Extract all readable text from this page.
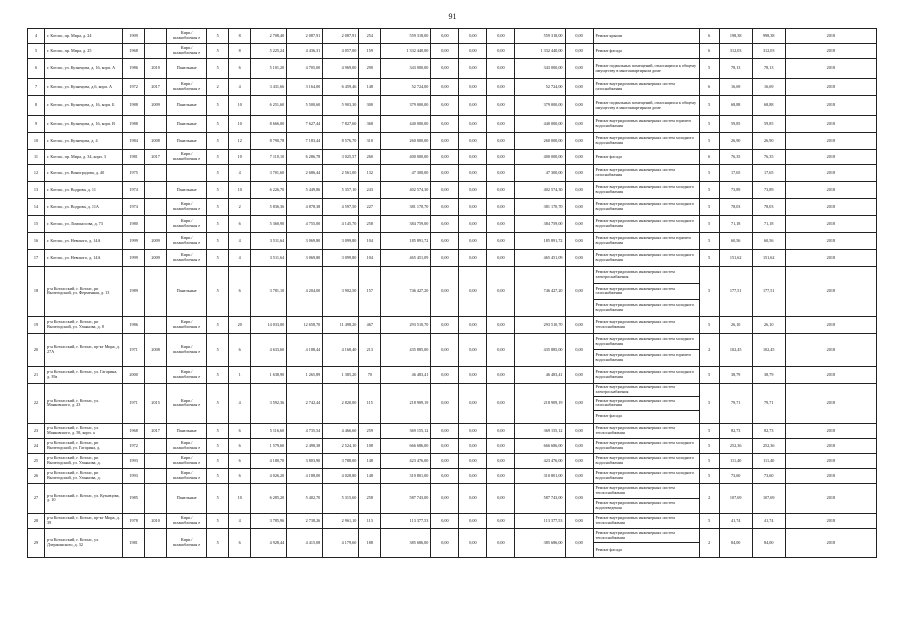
91
4	г. Котлас, пр. Мира, д. 24	1909		Кирп./ шлакоблочны е	5	8	2 708,40	2 087,91	2 087,91	254	559 318,00	0,00	0,00	0,00	559 318,00	0,00	Ремонт крыши	6	198,38	998,38	2018
5	г. Котлас, пр. Мира, д. 25	1968		Кирп./ шлакоблочны е	5	8	5 225,24	4 436,31	4 057,00	159	1 332 440,00	0,00	0,00	0,00	1 332 440,00	0,00	Ремонт фасада	6	312,03	312,03	2018
6	г. Котлас, ул. Кузнецова, д. 16, корп. А	1986	2010	Панельные	5	6	5 101,20	4 705,00	4 969,00	290	343 000,00	0,00	0,00	0,00	343 000,00	0,00	Ремонт подвальных помещений, относящихся к общему имуществу в многоквартирном доме	5	78,13	78,13	2018
7	г. Котлас, ул. Кузнецова, д.6, корп. А	1972	2017	Кирп./ шлакоблочны е	2	4	3 431,66	3 164,00	6 459,46	148	52 724,00	0,00	0,00	0,00	52 724,00	0,00	Ремонт внутридомовых инженерных систем газоснабжения	6	16,69	16,69	2018
8	г. Котлас, ул. Кузнецова, д. 16, корп. Б	1988	2009	Панельные	5	10	6 251,60	5 500,60	5 903,30	300	379 000,00	0,00	0,00	0,00	379 000,00	0,00	Ремонт подвальных помещений, относящихся к общему имуществу в многоквартирном доме	5	68,88	68,88	2018
9	г. Котлас, ул. Кузнецова, д. 16, корп. В	1988		Панельные	5	10	8 666,00	7 627,44	7 827,60	368	440 000,00	0,00	0,00	0,00	440 000,00	0,00	Ремонт внутридомовых инженерных систем горячего водоснабжения	5	59,85	59,85	2018
10	г. Котлас, ул. Кузнецова, д. 4	1984	2008	Панельные	5	12	8 790,78	7 183,44	8 576,70	310	260 000,00	0,00	0,00	0,00	260 000,00	0,00	Ремонт внутридомовых инженерных систем холодного водоснабжения	5	26,90	26,90	2018
11	г. Котлас, пр. Мира, д. 34, корп. 3	1981	2017	Кирп./ шлакоблочны е	5	10	7 110,10	6 286,78	3 025,57	260	400 000,00	0,00	0,00	0,00	400 000,00	0,00	Ремонт фасада	6	76,35	76,35	2018
12	г. Котлас, ул. Виноградова, д. 40	1975			5	4	3 701,60	2 686,44	2 561,00	132	47 300,00	0,00	0,00	0,00	47 300,00	0,00	Ремонт внутридомовых инженерных систем газоснабжения	5	17,65	17,65	2018
13	г. Котлас, ул. Водрова, д. 11	1974		Панельные	5	10	6 226,70	5 449,86	5 357,10	243	402 574,30	0,00	0,00	0,00	402 574,30	0,00	Ремонт внутридомовых инженерных систем холодного водоснабжения	5	73,89	73,89	2018
14	г. Котлас, ул. Водрова, д. 11А	1974		Кирп./ шлакоблочны е	5	2	5 836,36	4 878,38	4 597,50	227	381 170,70	0,00	0,00	0,00	381 170,70	0,00	Ремонт внутридомовых инженерных систем холодного водоснабжения	5	78,03	78,03	2018
15	г. Котлас, ул. Ломоносова, д. 73	1980		Кирп./ шлакоблочны е	5	6	5 360,90	4 755,00	4 145,70	258	384 759,00	0,00	0,00	0,00	384 759,00	0,00	Ремонт внутридомовых инженерных систем холодного водоснабжения	5	71,18	71,18	2018
16	г. Котлас, ул. Невского, д. 14А	1999	2009	Кирп./ шлакоблочны е	5	4	3 511,64	3 069,80	3 099,80	104	185 891,72	0,00	0,00	0,00	185 891,72	0,00	Ремонт внутридомовых инженерных систем горячего водоснабжения	5	60,56	60,56	2018
17	г. Котлас, ул. Невского, д. 14А	1999	2009	Кирп./ шлакоблочны е	5	4	3 511,64	3 069,80	3 099,80	104	465 451,09	0,00	0,00	0,00	465 451,09	0,00	Ремонт внутридомовых инженерных систем холодного водоснабжения	5	151,62	151,62	2018
18	р-н Котласский, г. Котлас, рп Вычегодский, ул. Ферменная, д. 13	1989		Панельные	5	6	3 781,10	4 204,00	3 902,50	157	746 427,20	0,00	0,00	0,00	746 427,20	0,00	Ремонт внутридомовых инженерных систем электроснабжения	5	177,51	177,51	2018
																	Ремонт внутридомовых инженерных систем газоснабжения				
																	Ремонт внутридомовых инженерных систем холодного водоснабжения				
19	р-н Котласский, г. Котлас, рп Вычегодский, ул. Ульянова, д. 8	1986		Кирп./ шлакоблочны е	5	20	14 033,00	12 658,70	11 498,20	467	293 510,70	0,00	0,00	0,00	293 510,70	0,00	Ремонт внутридомовых инженерных систем теплоснабжения	5	26,10	26,10	2018
20	р-н Котласский, г. Котлас, пр-кт Мира, д. 27А	1971	2008	Кирп./ шлакоблочны е	5	6	4 633,60	4 188,44	4 168,40	213	435 885,00	0,00	0,00	0,00	435 885,00	0,00	Ремонт внутридомовых инженерных систем холодного водоснабжения	2	102,45	102,45	2018
																	Ремонт внутридомовых инженерных систем горячего водоснабжения				
21	р-н Котласский, г. Котлас, ул. Гагарина, д. 39а	2000		Кирп./ шлакоблочны е	5	1	1 638,90	1 265,89	1 385,20	70	46 483,41	0,00	0,00	0,00	46 483,41	0,00	Ремонт внутридомовых инженерных систем холодного водоснабжения	5	38,79	38,79	2018
22	р-н Котласский, г. Котлас, ул. Маяковского, д. 23	1971	2015	Кирп./ шлакоблочны е	5	4	3 592,36	2 742,44	2 820,00	115	218 909,19	0,00	0,00	0,00	218 909,19	0,00	Ремонт внутридомовых инженерных систем электроснабжения	5	79,71	79,71	2018
																	Ремонт внутридомовых инженерных систем газоснабжения				
																	Ремонт фасада				
23	р-н Котласский, г. Котлас, ул. Маяковского, д. 58, корп. а	1968	2017	Панельные	5	6	5 116,60	4 735,54	4 466,60	259	369 155,12	0,00	0,00	0,00	369 155,12	0,00	Ремонт внутридомовых инженерных систем теплоснабжения	5	82,73	82,73	2018
24	р-н Котласский, г. Котлас, рп Вычегодский, ул. Гагарина, д.	1972		Кирп./ шлакоблочны е	5	6	1 579,60	2 498,38	2 524,10	108	666 686,00	0,00	0,00	0,00	666 686,00	0,00	Ремонт внутридомовых инженерных систем холодного водоснабжения	5	252,36	252,36	2018
25	р-н Котласский, г. Котлас, рп Вычегодский, ул. Ульянова, д.	1993		Кирп./ шлакоблочны е	5	6	4 180,70	3 803,90	3 788,00	148	423 476,00	0,00	0,00	0,00	423 476,00	0,00	Ремонт внутридомовых инженерных систем холодного водоснабжения	5	111,40	111,40	2018
26	р-н Котласский, г. Котлас, рп Вычегодский, ул. Ульянова, д.	1993		Кирп./ шлакоблочны е	5	6	4 026,20	4 188,00	4 028,80	148	310 801,00	0,00	0,00	0,00	310 801,00	0,00	Ремонт внутридомовых инженерных систем холодного водоснабжения	5	73,60	73,60	2018
27	р-н Котласский, г. Котлас, ул. Кузнецова, д. 10	1985		Панельные	5	10	6 285,20	5 402,70	5 315,60	258	587 743,00	0,00	0,00	0,00	587 743,00	0,00	Ремонт внутридомовых инженерных систем теплоснабжения	2	107,69	107,69	2018
																	Ремонт внутридомовых инженерных систем водоотведения				
28	р-н Котласский, г. Котлас, пр-кт Мира, д. 39	1978	2010	Кирп./ шлакоблочны е	5	4	3 785,96	2 738,26	2 961,10	113	113 377,53	0,00	0,00	0,00	113 377,53	0,00	Ремонт внутридомовых инженерных систем теплоснабжения	5	41,74	41,74	2018
29	р-н Котласский, г. Котлас, ул. Дзержинского, д. 32	1981		Кирп./ шлакоблочны е	5	6	4 928,44	4 415,08	4 179,60	188	385 686,00	0,00	0,00	0,00	385 686,00	0,00	Ремонт внутридомовых инженерных систем теплоснабжения	2	84,00	84,00	2018
																	Ремонт фасада				
